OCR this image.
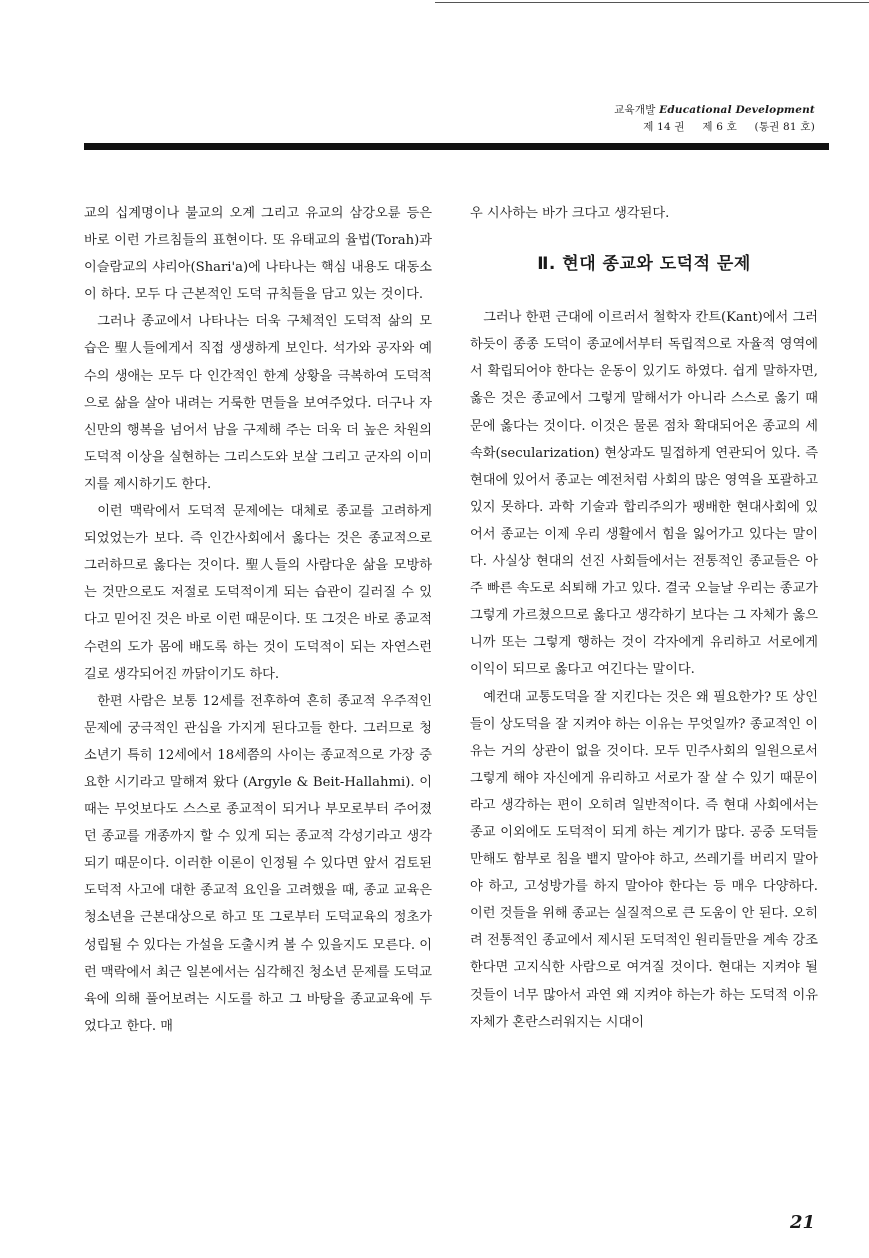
교육개발 Educational Development
제 14 권 제 6 호 (통권 81 호)

교의 십계명이나 불교의 오계 그리고 유교의 삼강오륜 등은 바로 이런 가르침들의 표현이다. 또 유태교의 율법(Torah)과 이슬람교의 샤리아(Shari'a)에 나타나는 핵심 내용도 대동소이 하다. 모두 다 근본적인 도덕 규칙들을 담고 있는 것이다.

그러나 종교에서 나타나는 더욱 구체적인 도덕적 삶의 모습은 聖人들에게서 직접 생생하게 보인다. 석가와 공자와 예수의 생애는 모두 다 인간적인 한계 상황을 극복하여 도덕적으로 삶을 살아 내려는 거룩한 면들을 보여주었다. 더구나 자신만의 행복을 넘어서 남을 구제해 주는 더욱 더 높은 차원의 도덕적 이상을 실현하는 그리스도와 보살 그리고 군자의 이미지를 제시하기도 한다.

이런 맥락에서 도덕적 문제에는 대체로 종교를 고려하게 되었었는가 보다. 즉 인간사회에서 옳다는 것은 종교적으로 그러하므로 옳다는 것이다. 聖人들의 사람다운 삶을 모방하는 것만으로도 저절로 도덕적이게 되는 습관이 길러질 수 있다고 믿어진 것은 바로 이런 때문이다. 또 그것은 바로 종교적 수련의 도가 몸에 배도록 하는 것이 도덕적이 되는 자연스런 길로 생각되어진 까닭이기도 하다.

한편 사람은 보통 12세를 전후하여 흔히 종교적 우주적인 문제에 궁극적인 관심을 가지게 된다고들 한다. 그러므로 청소년기 특히 12세에서 18세쯤의 사이는 종교적으로 가장 중요한 시기라고 말해져 왔다 (Argyle & Beit-Hallahmi). 이 때는 무엇보다도 스스로 종교적이 되거나 부모로부터 주어졌던 종교를 개종까지 할 수 있게 되는 종교적 각성기라고 생각되기 때문이다. 이러한 이론이 인정될 수 있다면 앞서 검토된 도덕적 사고에 대한 종교적 요인을 고려했을 때, 종교 교육은 청소년을 근본대상으로 하고 또 그로부터 도덕교육의 정초가 성립될 수 있다는 가설을 도출시켜 볼 수 있을지도 모른다. 이런 맥락에서 최근 일본에서는 심각해진 청소년 문제를 도덕교육에 의해 풀어보려는 시도를 하고 그 바탕을 종교교육에 두었다고 한다. 매

우 시사하는 바가 크다고 생각된다.

Ⅱ. 현대 종교와 도덕적 문제

그러나 한편 근대에 이르러서 철학자 칸트(Kant)에서 그러하듯이 종종 도덕이 종교에서부터 독립적으로 자율적 영역에서 확립되어야 한다는 운동이 있기도 하였다. 쉽게 말하자면, 옳은 것은 종교에서 그렇게 말해서가 아니라 스스로 옳기 때문에 옳다는 것이다. 이것은 물론 점차 확대되어온 종교의 세속화(secularization) 현상과도 밀접하게 연관되어 있다. 즉 현대에 있어서 종교는 예전처럼 사회의 많은 영역을 포괄하고 있지 못하다. 과학 기술과 합리주의가 팽배한 현대사회에 있어서 종교는 이제 우리 생활에서 힘을 잃어가고 있다는 말이다. 사실상 현대의 선진 사회들에서는 전통적인 종교들은 아주 빠른 속도로 쇠퇴해 가고 있다. 결국 오늘날 우리는 종교가 그렇게 가르쳤으므로 옳다고 생각하기 보다는 그 자체가 옳으니까 또는 그렇게 행하는 것이 각자에게 유리하고 서로에게 이익이 되므로 옳다고 여긴다는 말이다.

예컨대 교통도덕을 잘 지킨다는 것은 왜 필요한가? 또 상인들이 상도덕을 잘 지켜야 하는 이유는 무엇일까? 종교적인 이유는 거의 상관이 없을 것이다. 모두 민주사회의 일원으로서 그렇게 해야 자신에게 유리하고 서로가 잘 살 수 있기 때문이라고 생각하는 편이 오히려 일반적이다. 즉 현대 사회에서는 종교 이외에도 도덕적이 되게 하는 계기가 많다. 공중 도덕들만해도 함부로 침을 뱉지 말아야 하고, 쓰레기를 버리지 말아야 하고, 고성방가를 하지 말아야 한다는 등 매우 다양하다. 이런 것들을 위해 종교는 실질적으로 큰 도움이 안 된다. 오히려 전통적인 종교에서 제시된 도덕적인 원리들만을 계속 강조한다면 고지식한 사람으로 여겨질 것이다. 현대는 지켜야 될 것들이 너무 많아서 과연 왜 지켜야 하는가 하는 도덕적 이유 자체가 혼란스러워지는 시대이

21
